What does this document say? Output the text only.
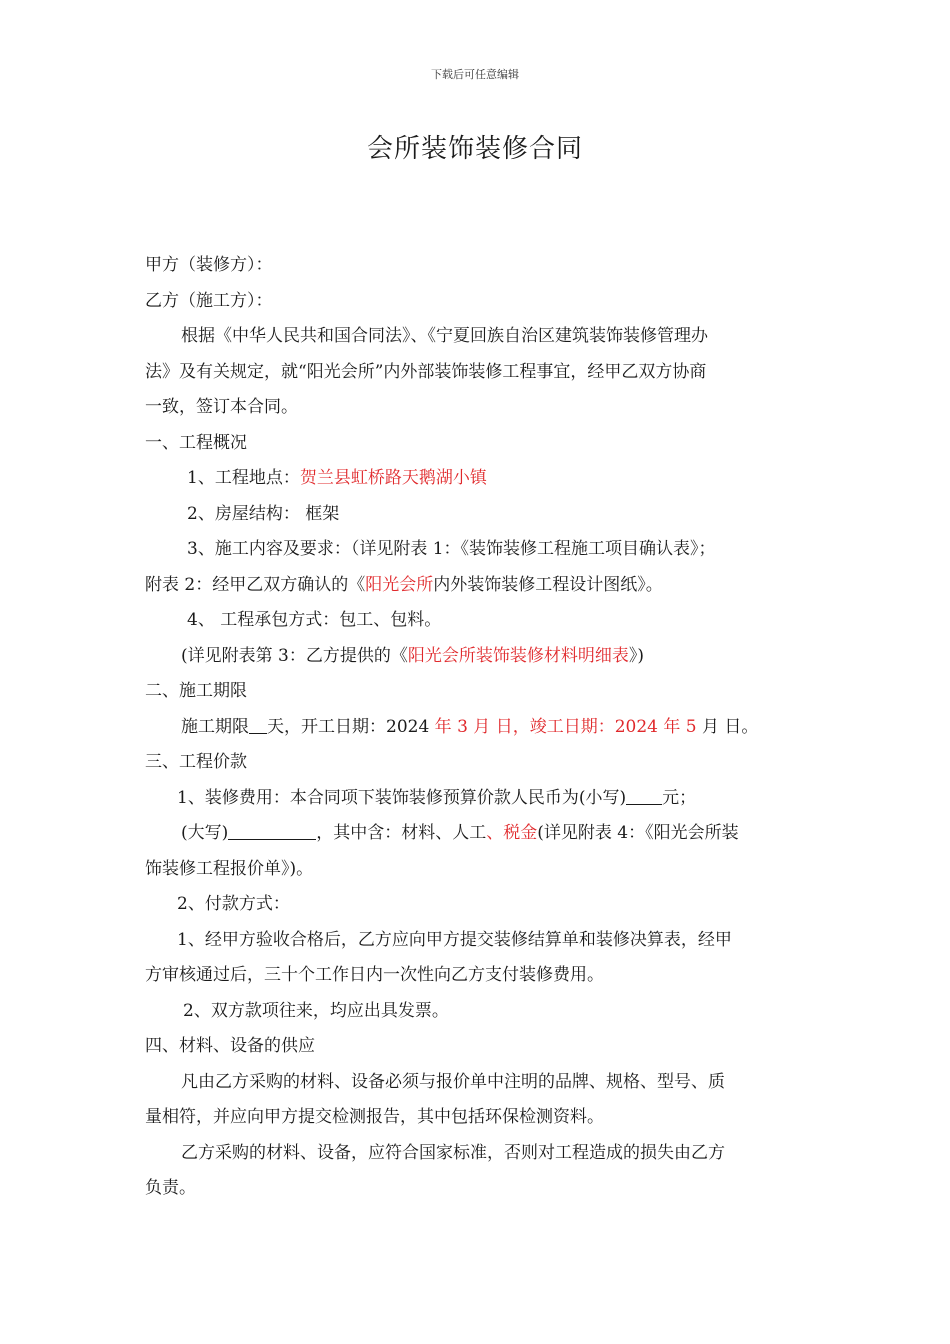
下载后可任意编辑
会所装饰装修合同

甲方（装修方）：

乙方（施工方）：

根据《中华人民共和国合同法》、《宁夏回族自治区建筑装饰装修管理办

法》及有关规定，就“阳光会所”内外部装饰装修工程事宜，经甲乙双方协商

一致，签订本合同。

一、工程概况

1、工程地点：贺兰县虹桥路天鹅湖小镇

2、房屋结构： 框架

3、施工内容及要求：（详见附表 1：《装饰装修工程施工项目确认表》；

附表 2：经甲乙双方确认的《阳光会所内外装饰装修工程设计图纸》。

4、 工程承包方式：包工、包料。

(详见附表第 3：乙方提供的《阳光会所装饰装修材料明细表》)

二、施工期限

施工期限 天，开工日期：2024 年 3 月 日，竣工日期：2024 年 5 月 日。

三、工程价款

1、装修费用：本合同项下装饰装修预算价款人民币为(小写) 元；

(大写)	，其中含：材料、人工、税金(详见附表 4：《阳光会所装

饰装修工程报价单》)。

2、付款方式：

1、经甲方验收合格后，乙方应向甲方提交装修结算单和装修决算表，经甲

方审核通过后，三十个工作日内一次性向乙方支付装修费用。

2、双方款项往来，均应出具发票。

四、材料、设备的供应

凡由乙方采购的材料、设备必须与报价单中注明的品牌、规格、型号、质

量相符，并应向甲方提交检测报告，其中包括环保检测资料。

乙方采购的材料、设备，应符合国家标准，否则对工程造成的损失由乙方

负责。
